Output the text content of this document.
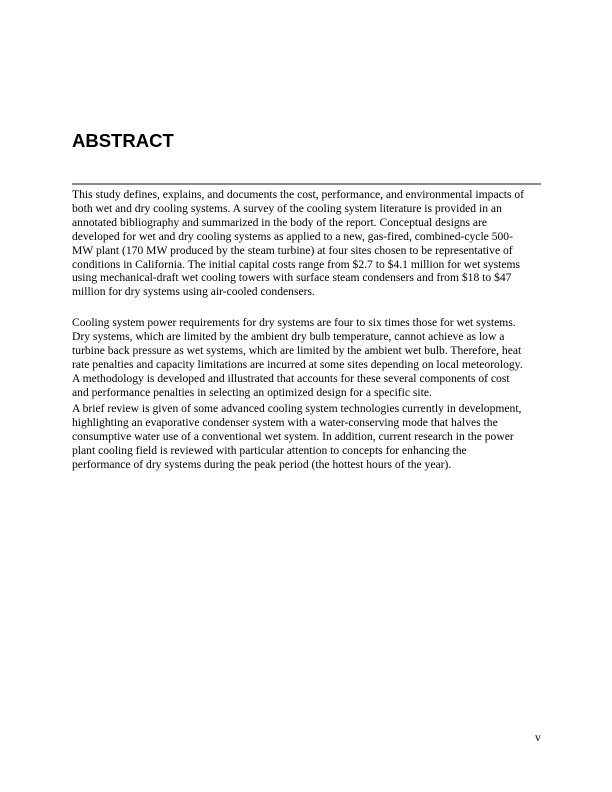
ABSTRACT
This study defines, explains, and documents the cost, performance, and environmental impacts of
both wet and dry cooling systems. A survey of the cooling system literature is provided in an
annotated bibliography and summarized in the body of the report. Conceptual designs are
developed for wet and dry cooling systems as applied to a new, gas-fired, combined-cycle 500-
MW plant (170 MW produced by the steam turbine) at four sites chosen to be representative of
conditions in California. The initial capital costs range from $2.7 to $4.1 million for wet systems
using mechanical-draft wet cooling towers with surface steam condensers and from $18 to $47
million for dry systems using air-cooled condensers.
Cooling system power requirements for dry systems are four to six times those for wet systems.
Dry systems, which are limited by the ambient dry bulb temperature, cannot achieve as low a
turbine back pressure as wet systems, which are limited by the ambient wet bulb. Therefore, heat
rate penalties and capacity limitations are incurred at some sites depending on local meteorology.
A methodology is developed and illustrated that accounts for these several components of cost
and performance penalties in selecting an optimized design for a specific site.
A brief review is given of some advanced cooling system technologies currently in development,
highlighting an evaporative condenser system with a water-conserving mode that halves the
consumptive water use of a conventional wet system. In addition, current research in the power
plant cooling field is reviewed with particular attention to concepts for enhancing the
performance of dry systems during the peak period (the hottest hours of the year).
v
